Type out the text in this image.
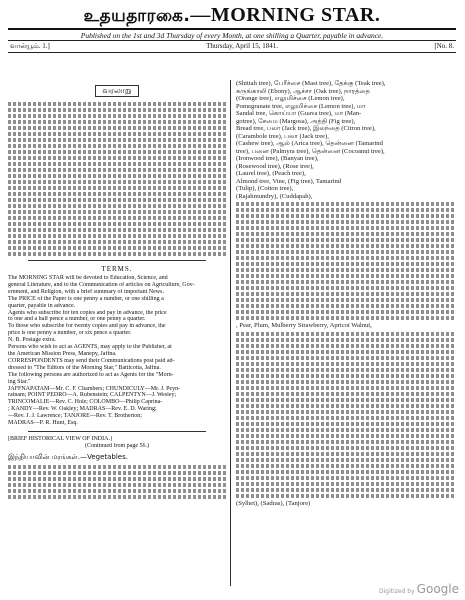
உதயதாரகை.—MORNING STAR.
Published on the 1st and 3d Thursday of every Month, at one shilling a Quarter, payable in advance.
வால்யூம். 1.]	Thursday, April 15, 1841.	[No. 8.
வரலாறு
TERMS.
The MORNING STAR will be devoted to Education, Science, and
general Literature, and to the Communication of articles on Agriculture, Gov-
ernment, and Religion, with a brief summary of important News.
The PRICE of the Paper is one penny a number, or one shilling a
quarter, payable in advance.
Agents who subscribe for ten copies and pay in advance, the price
to one and a half pence a number, or one penny a quarter.
To those who subscribe for twenty copies and pay in advance, the
price is one penny a number, or six pence a quarter.
N. B. Postage extra.
Persons who wish to act as AGENTS, may apply to the Publisher, at
the American Mission Press, Manepy, Jaffna.
CORRESPONDENTS may send their Communications post paid ad-
dressed to "The Editors of the Morning Star," Batticotta, Jaffna.
The following persons are authorized to act as Agents for the "Morn-
ing Star."
JAFFNAPATAM—Mr. C. F. Chambers; CHUNDICULY—Mr. J. Peyn-
ratnam; POINT PEDRO—A. Rubenstein; CALPENTYN—J. Wesley;
TRINCOMALIE—Rev. C. Hole; COLOMBO—Philip Caprina-
; KANDY—Rev. W. Oakley; MADRAS—Rev. E. D. Waring;
—Rev. J. J. Lawrence; TANJORE—Rev. T. Brotherton;
MADRAS—P. R. Hunt, Esq.
[BRIEF HISTORICAL VIEW OF INDIA.]
(Continued from page 56.)
இந்தியாவின் மரங்கள்.—Vegetables.
(Shittah tree), பேரீச்சை (Mast tree), தேக்கு (Teak tree),
கருங்காலி (Ebony), ஆச்சா (Oak tree), நாரத்தை
(Orange tree), எலுமிச்சை (Lemon tree),
Pomegranate tree, எலுமிச்சை (Lemon tree), மா
Sandal tree, கொய்யா (Guava tree), மா (Man-
gotree), சேமை (Margosa), அத்தி (Fig tree),
Bread tree, பலா (Jack tree), இலந்தை (Citron tree),
(Carambole tree), பலா (Jack tree),
(Cashew tree), ஆல் (Arica tree), தென்னை (Tamarind
tree), பனை (Palmyra tree), தென்னை (Cocoanut tree),
(Ironwood tree), (Banyan tree),
(Rosewood tree), (Rose tree),
(Laurel tree), (Peach tree),
Almond tree, Vine, (Fig tree), Tamarind
(Tulip), (Cotton tree),
(Rajahmundry), (Cuddapah),
, Pear, Plum, Mulberry Strawberry, Apricot Walnut,
(Sylhet), (Sadras), (Tanjore)
Digitized by Google
